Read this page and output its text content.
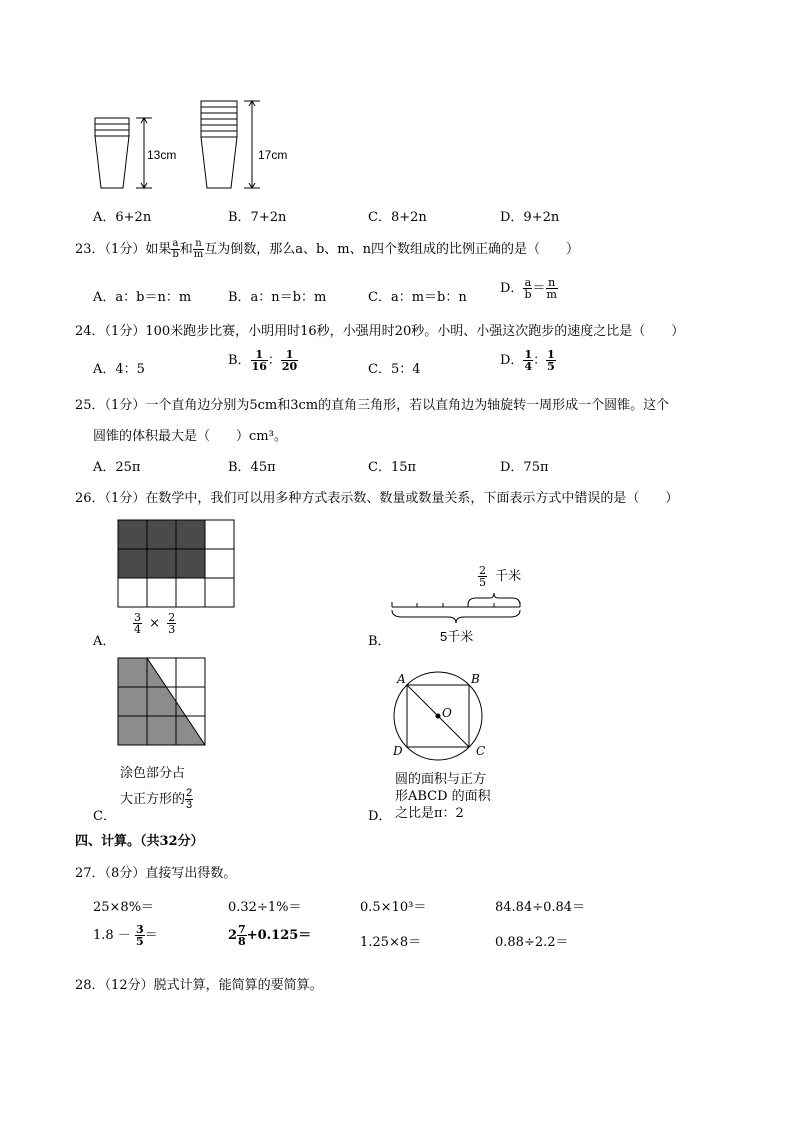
13cm	17cm
A．6+2n	B．7+2n	C．8+2n	D．9+2n
23．（1分）如果 $\frac{a}{b}$ 和 $\frac{n}{m}$ 互为倒数，那么a、b、m、n四个数组成的比例正确的是（　　）
A．a：b＝n：m	B．a：n＝b：m	C．a：m＝b：n
D． $\frac{a}{b} = \frac{n}{m}$
24．（1分）100米跑步比赛，小明用时16秒，小强用时20秒。小明、小强这次跑步的速度之比是（　　）
A．4：5
B． $\frac{1}{16}$ ： $\frac{1}{20}$	C．5：4
D． $\frac{1}{4}$ ： $\frac{1}{5}$
25．（1分）一个直角边分别为5cm和3cm的直角三角形，若以直角边为轴旋转一周形成一个圆锥。这个
圆锥的体积最大是（　　）cm³。
A．25π	B．45π	C．15π	D．75π
26．（1分）在数学中，我们可以用多种方式表示数、数量或数量关系，下面表示方式中错误的是（　　）
A．
$\frac{3}{4} \times \frac{2}{3}$
$\frac{2}{5}$ 千米
5千米
B．
涂色部分占
大正方形的 $\frac{2}{3}$
C．
A	B
C
D
O
圆的面积与正方
形ABCD 的面积
之比是π：2
D．
四、计算。（共32分）
27．（8分）直接写出得数。
25×8%＝	0.32÷1%＝	0.5×10³＝	84.84÷0.84＝
$1.8 - \frac{3}{5}$ ＝	$2 \frac{7}{8} +0.125=$	1.25×8＝	0.88÷2.2＝
28．（12分）脱式计算，能简算的要简算。
